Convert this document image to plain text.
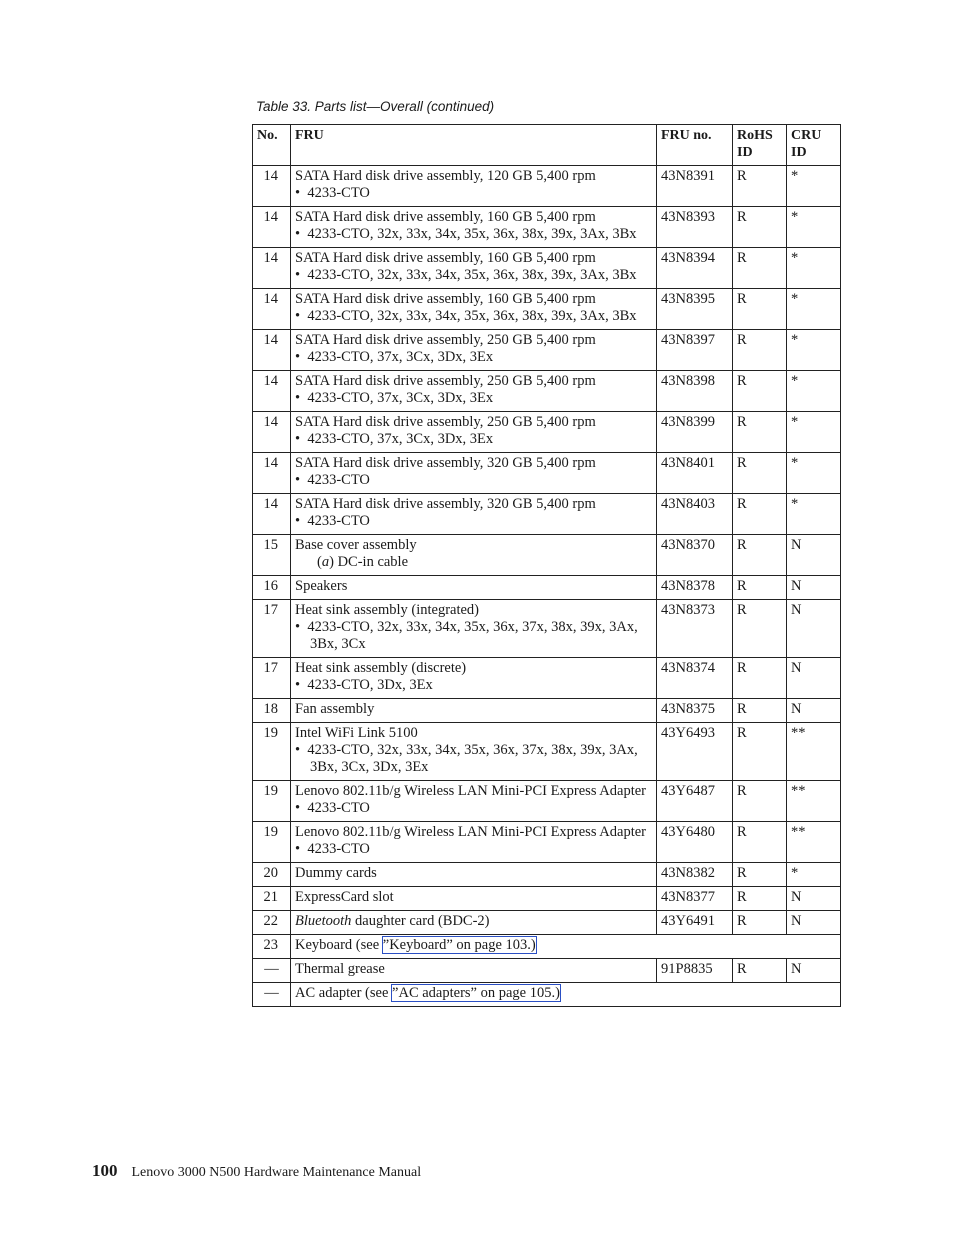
Table 33. Parts list—Overall (continued)
No.	FRU	FRU no.	RoHS ID	CRU ID
14	SATA Hard disk drive assembly, 120 GB 5,400 rpm
•  4233-CTO	43N8391	R	*
14	SATA Hard disk drive assembly, 160 GB 5,400 rpm
•  4233-CTO, 32x, 33x, 34x, 35x, 36x, 38x, 39x, 3Ax, 3Bx	43N8393	R	*
14	SATA Hard disk drive assembly, 160 GB 5,400 rpm
•  4233-CTO, 32x, 33x, 34x, 35x, 36x, 38x, 39x, 3Ax, 3Bx	43N8394	R	*
14	SATA Hard disk drive assembly, 160 GB 5,400 rpm
•  4233-CTO, 32x, 33x, 34x, 35x, 36x, 38x, 39x, 3Ax, 3Bx	43N8395	R	*
14	SATA Hard disk drive assembly, 250 GB 5,400 rpm
•  4233-CTO, 37x, 3Cx, 3Dx, 3Ex	43N8397	R	*
14	SATA Hard disk drive assembly, 250 GB 5,400 rpm
•  4233-CTO, 37x, 3Cx, 3Dx, 3Ex	43N8398	R	*
14	SATA Hard disk drive assembly, 250 GB 5,400 rpm
•  4233-CTO, 37x, 3Cx, 3Dx, 3Ex	43N8399	R	*
14	SATA Hard disk drive assembly, 320 GB 5,400 rpm
•  4233-CTO	43N8401	R	*
14	SATA Hard disk drive assembly, 320 GB 5,400 rpm
•  4233-CTO	43N8403	R	*
15	Base cover assembly
(a) DC-in cable	43N8370	R	N
16	Speakers	43N8378	R	N
17	Heat sink assembly (integrated)
•  4233-CTO, 32x, 33x, 34x, 35x, 36x, 37x, 38x, 39x, 3Ax, 3Bx, 3Cx	43N8373	R	N
17	Heat sink assembly (discrete)
•  4233-CTO, 3Dx, 3Ex	43N8374	R	N
18	Fan assembly	43N8375	R	N
19	Intel WiFi Link 5100
•  4233-CTO, 32x, 33x, 34x, 35x, 36x, 37x, 38x, 39x, 3Ax, 3Bx, 3Cx, 3Dx, 3Ex	43Y6493	R	**
19	Lenovo 802.11b/g Wireless LAN Mini-PCI Express Adapter
•  4233-CTO	43Y6487	R	**
19	Lenovo 802.11b/g Wireless LAN Mini-PCI Express Adapter
•  4233-CTO	43Y6480	R	**
20	Dummy cards	43N8382	R	*
21	ExpressCard slot	43N8377	R	N
22	Bluetooth daughter card (BDC-2)	43Y6491	R	N
23	Keyboard (see ”Keyboard” on page 103.)			
—	Thermal grease	91P8835	R	N
—	AC adapter (see ”AC adapters” on page 105.)			
100 Lenovo 3000 N500 Hardware Maintenance Manual
